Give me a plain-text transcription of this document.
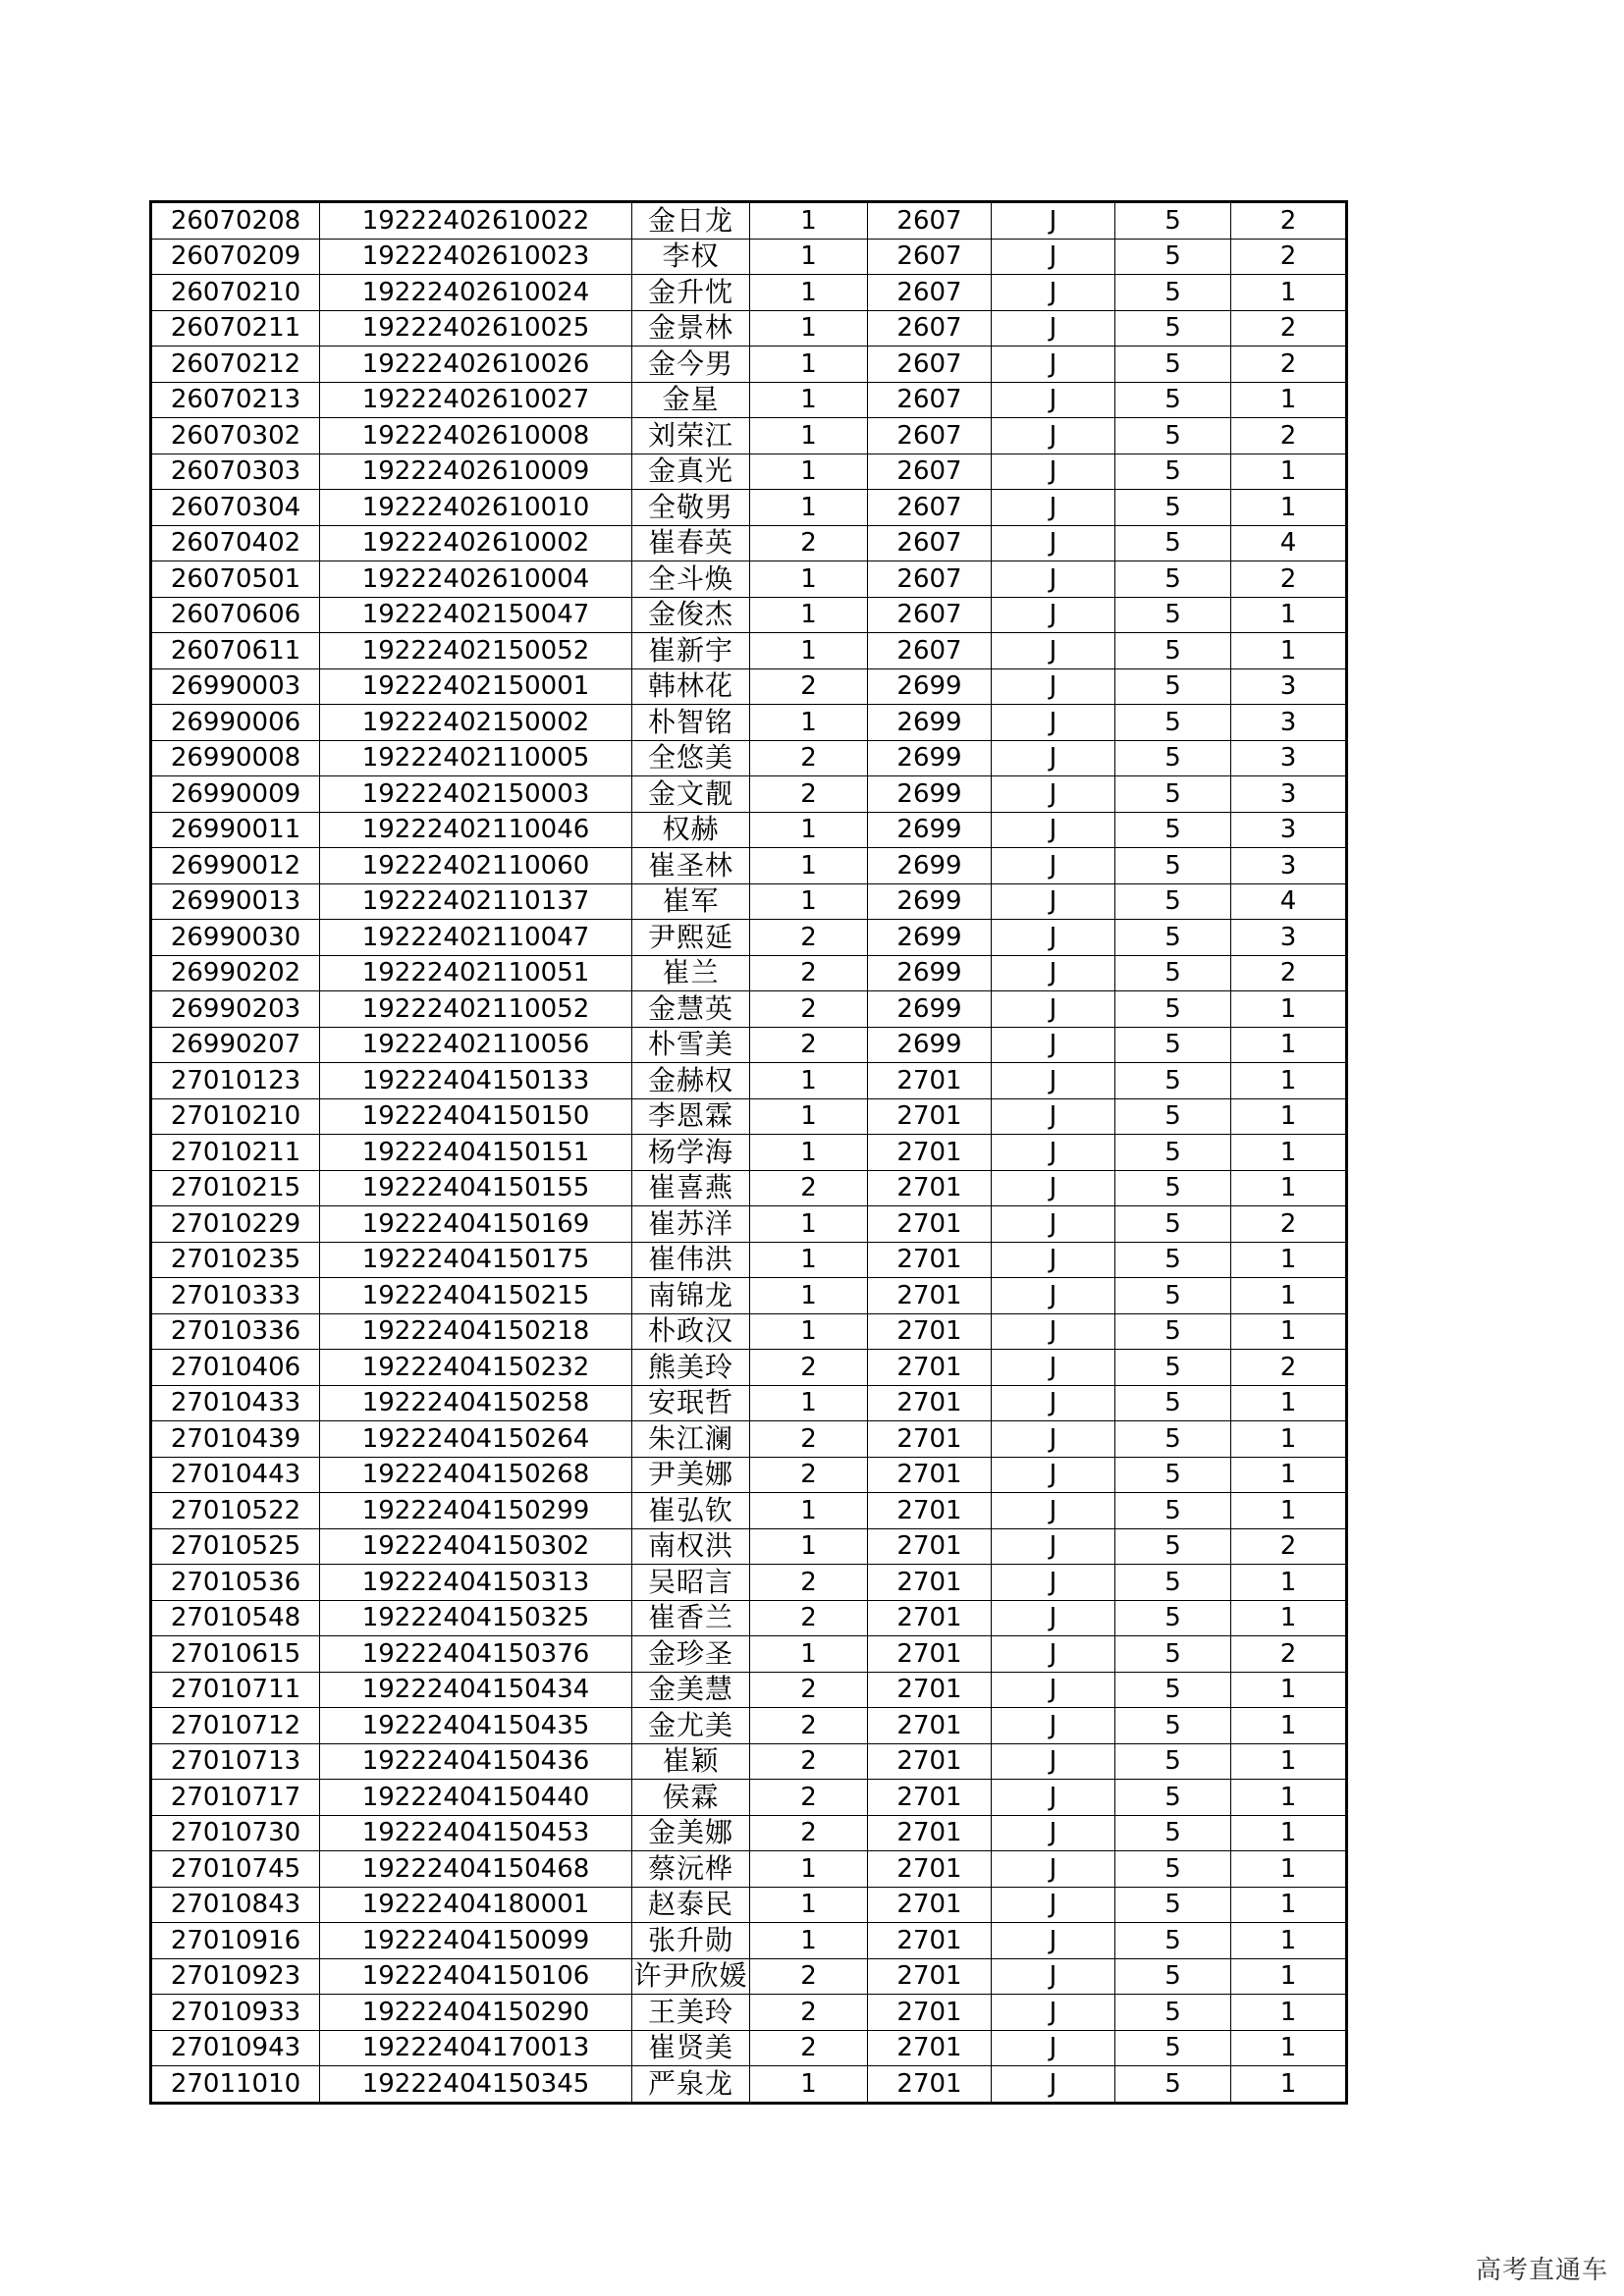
26070208	19222402610022	金日龙	1	2607	J	5	2
26070209	19222402610023	李权	1	2607	J	5	2
26070210	19222402610024	金升忱	1	2607	J	5	1
26070211	19222402610025	金景林	1	2607	J	5	2
26070212	19222402610026	金今男	1	2607	J	5	2
26070213	19222402610027	金星	1	2607	J	5	1
26070302	19222402610008	刘荣江	1	2607	J	5	2
26070303	19222402610009	金真光	1	2607	J	5	1
26070304	19222402610010	全敬男	1	2607	J	5	1
26070402	19222402610002	崔春英	2	2607	J	5	4
26070501	19222402610004	全斗焕	1	2607	J	5	2
26070606	19222402150047	金俊杰	1	2607	J	5	1
26070611	19222402150052	崔新宇	1	2607	J	5	1
26990003	19222402150001	韩林花	2	2699	J	5	3
26990006	19222402150002	朴智铭	1	2699	J	5	3
26990008	19222402110005	全悠美	2	2699	J	5	3
26990009	19222402150003	金文靓	2	2699	J	5	3
26990011	19222402110046	权赫	1	2699	J	5	3
26990012	19222402110060	崔圣林	1	2699	J	5	3
26990013	19222402110137	崔军	1	2699	J	5	4
26990030	19222402110047	尹熙延	2	2699	J	5	3
26990202	19222402110051	崔兰	2	2699	J	5	2
26990203	19222402110052	金慧英	2	2699	J	5	1
26990207	19222402110056	朴雪美	2	2699	J	5	1
27010123	19222404150133	金赫权	1	2701	J	5	1
27010210	19222404150150	李恩霖	1	2701	J	5	1
27010211	19222404150151	杨学海	1	2701	J	5	1
27010215	19222404150155	崔喜燕	2	2701	J	5	1
27010229	19222404150169	崔苏洋	1	2701	J	5	2
27010235	19222404150175	崔伟洪	1	2701	J	5	1
27010333	19222404150215	南锦龙	1	2701	J	5	1
27010336	19222404150218	朴政汉	1	2701	J	5	1
27010406	19222404150232	熊美玲	2	2701	J	5	2
27010433	19222404150258	安珉哲	1	2701	J	5	1
27010439	19222404150264	朱江澜	2	2701	J	5	1
27010443	19222404150268	尹美娜	2	2701	J	5	1
27010522	19222404150299	崔弘钦	1	2701	J	5	1
27010525	19222404150302	南权洪	1	2701	J	5	2
27010536	19222404150313	吴昭言	2	2701	J	5	1
27010548	19222404150325	崔香兰	2	2701	J	5	1
27010615	19222404150376	金珍圣	1	2701	J	5	2
27010711	19222404150434	金美慧	2	2701	J	5	1
27010712	19222404150435	金尤美	2	2701	J	5	1
27010713	19222404150436	崔颖	2	2701	J	5	1
27010717	19222404150440	侯霖	2	2701	J	5	1
27010730	19222404150453	金美娜	2	2701	J	5	1
27010745	19222404150468	蔡沅桦	1	2701	J	5	1
27010843	19222404180001	赵泰民	1	2701	J	5	1
27010916	19222404150099	张升勋	1	2701	J	5	1
27010923	19222404150106	许尹欣媛	2	2701	J	5	1
27010933	19222404150290	王美玲	2	2701	J	5	1
27010943	19222404170013	崔贤美	2	2701	J	5	1
27011010	19222404150345	严泉龙	1	2701	J	5	1
高考直通车
